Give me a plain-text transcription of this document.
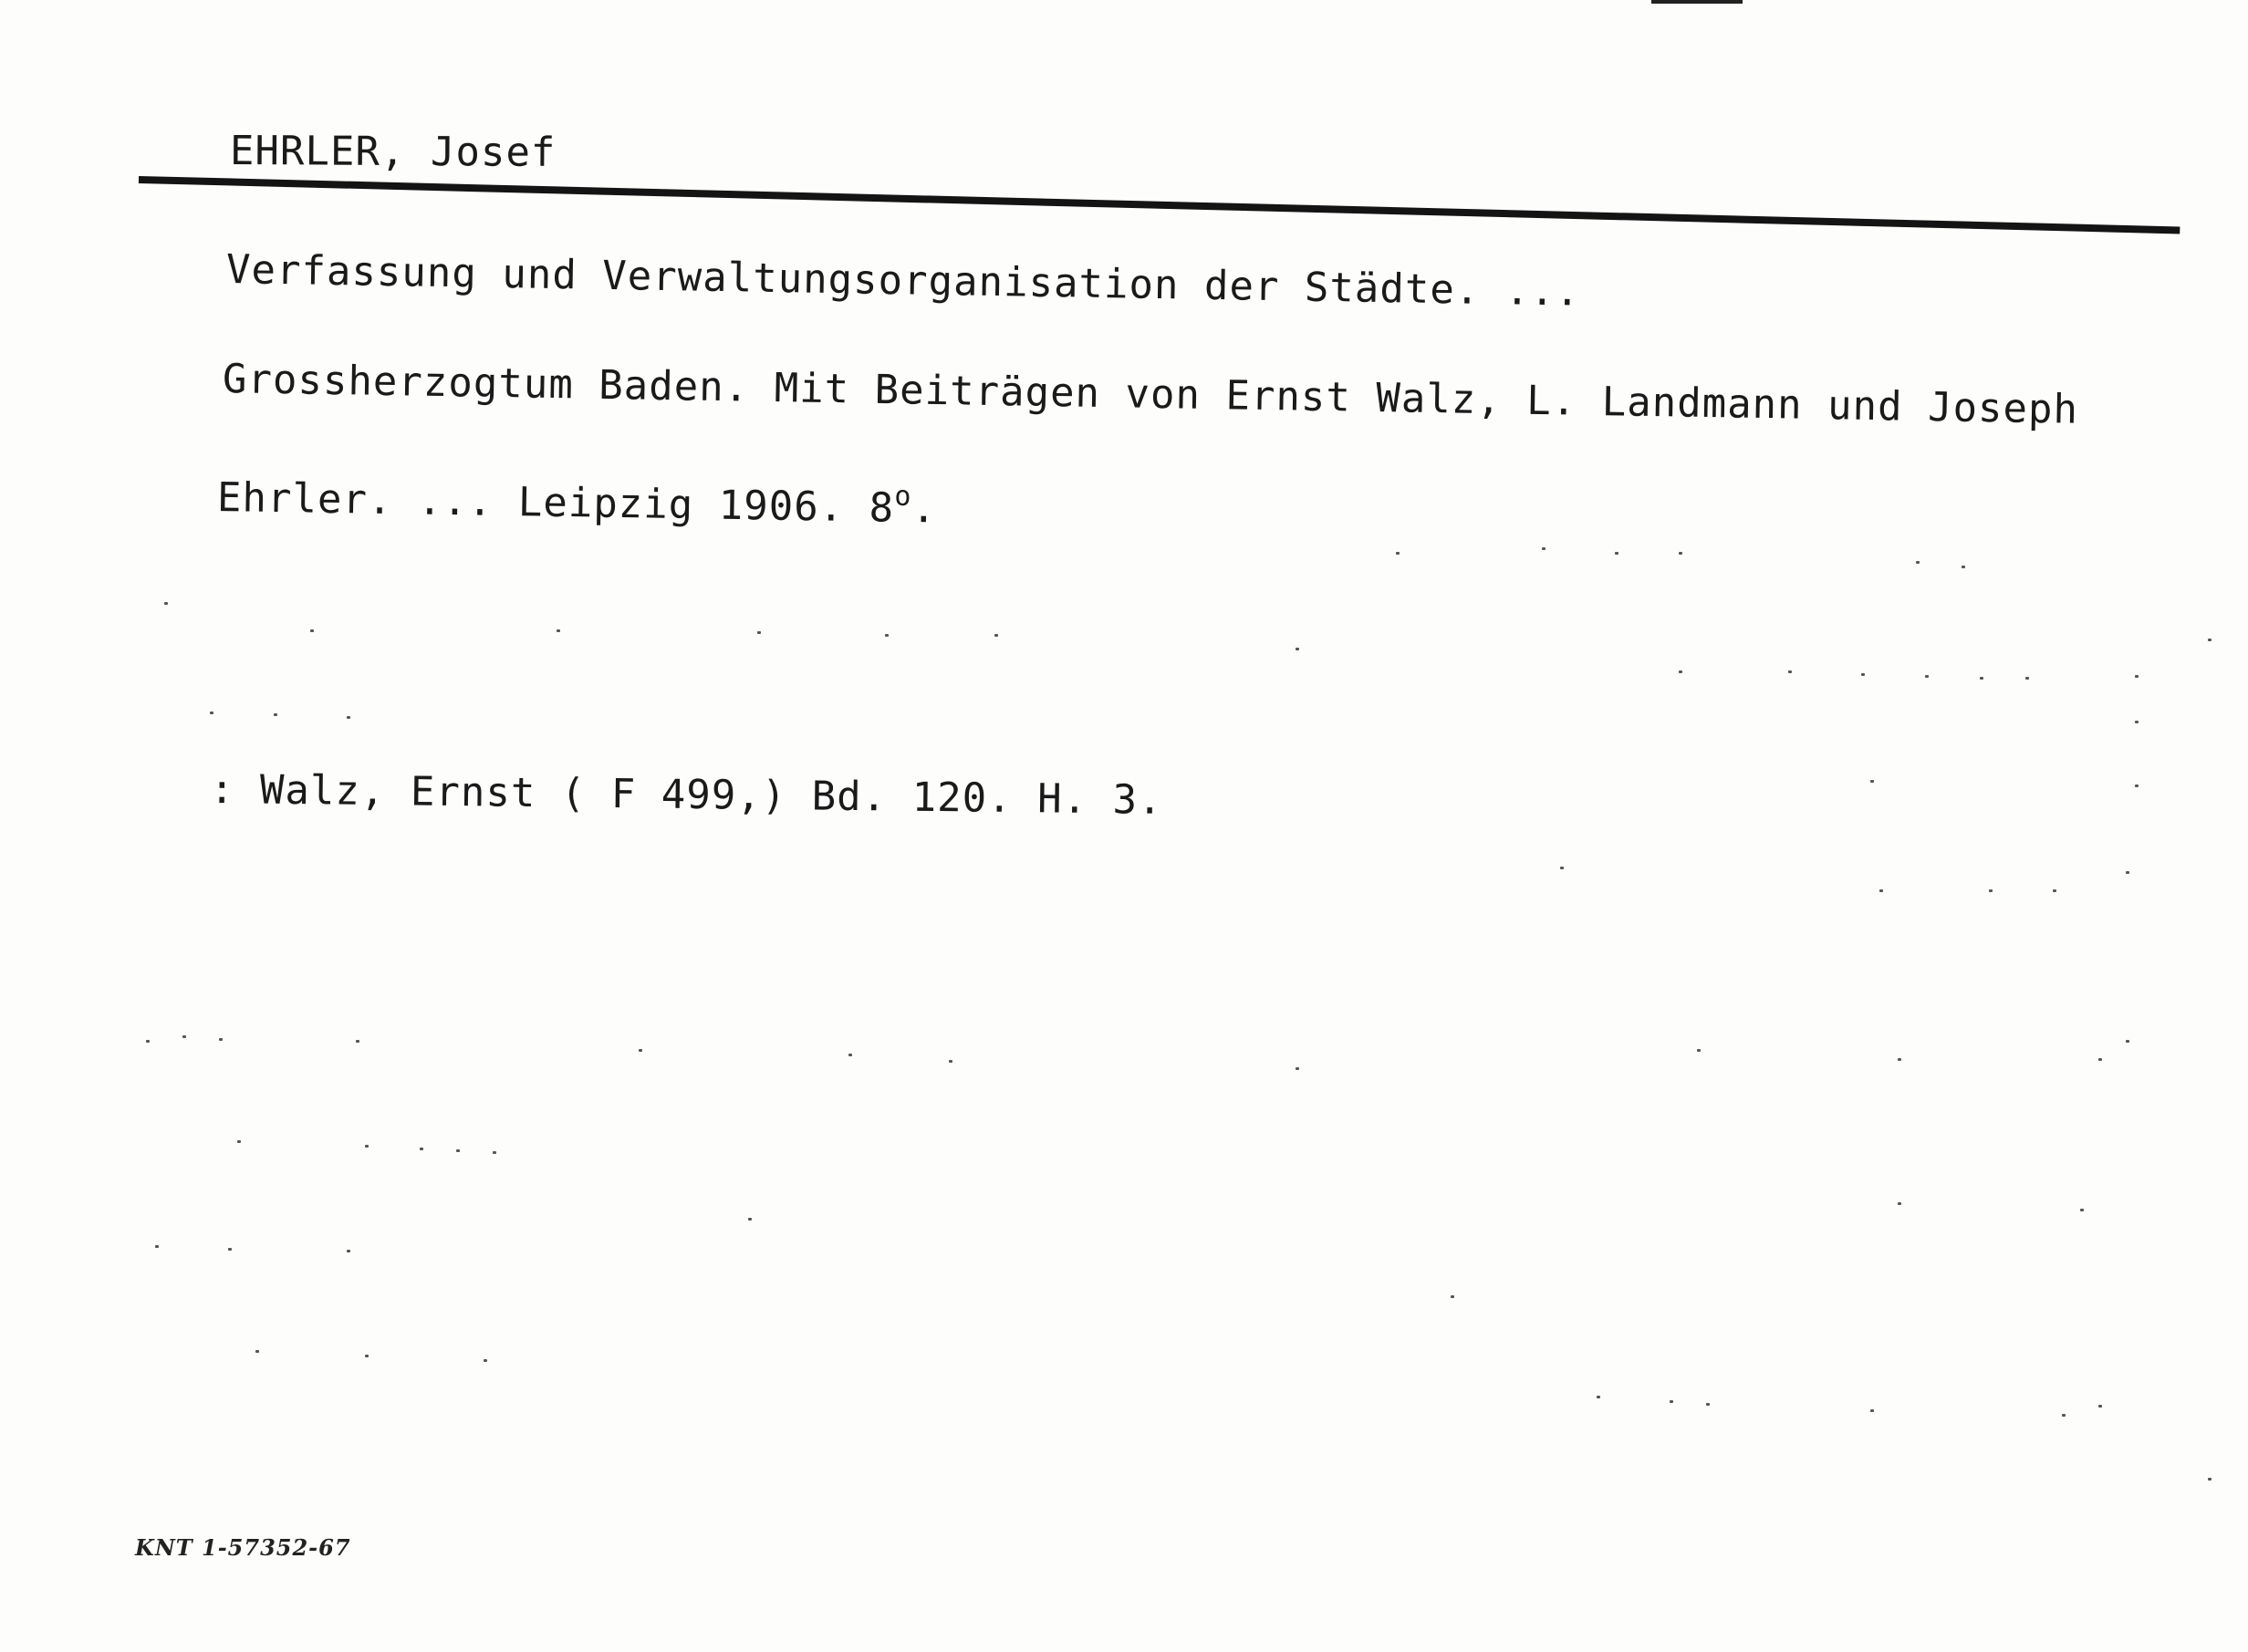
EHRLER, Josef
Verfassung und Verwaltungsorganisation der Städte. ...
Grossherzogtum Baden. Mit Beiträgen von Ernst Walz, L. Landmann und Joseph
Ehrler. ... Leipzig 1906. 8$^o$.
: Walz, Ernst ( F 499,) Bd. 120. H. 3.
KNT 1-57352-67
